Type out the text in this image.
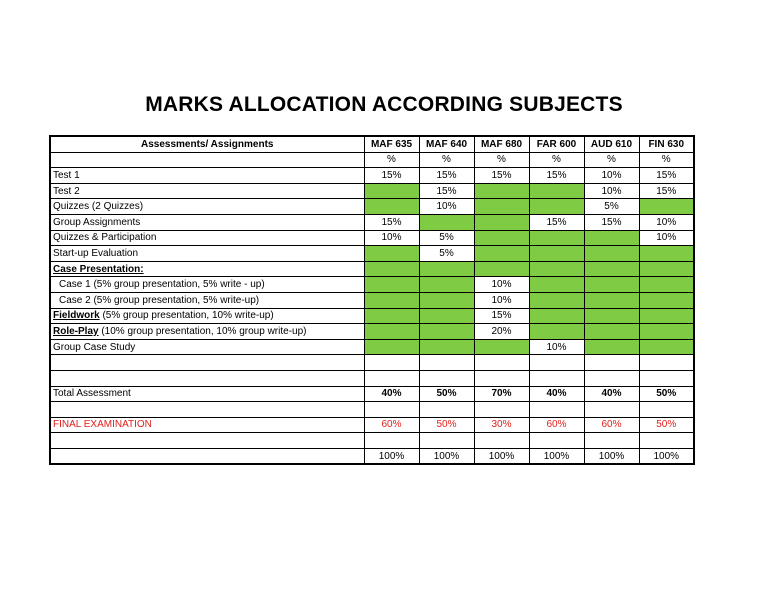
MARKS ALLOCATION ACCORDING SUBJECTS
Assessments/ Assignments	MAF 635	MAF 640	MAF 680	FAR 600	AUD 610	FIN 630
	%	%	%	%	%	%
Test 1	15%	15%	15%	15%	10%	15%
Test 2		15%			10%	15%
Quizzes (2 Quizzes)		10%			5%	
Group Assignments	15%			15%	15%	10%
Quizzes & Participation	10%	5%				10%
Start-up Evaluation		5%				
Case Presentation:						
Case 1 (5% group presentation, 5% write - up)			10%			
Case 2 (5% group presentation, 5% write-up)			10%			
Fieldwork (5% group presentation, 10% write-up)			15%			
Role-Play (10% group presentation, 10% group write-up)			20%			
Group Case Study				10%		

Total Assessment	40%	50%	70%	40%	40%	50%

FINAL EXAMINATION	60%	50%	30%	60%	60%	50%

	100%	100%	100%	100%	100%	100%
